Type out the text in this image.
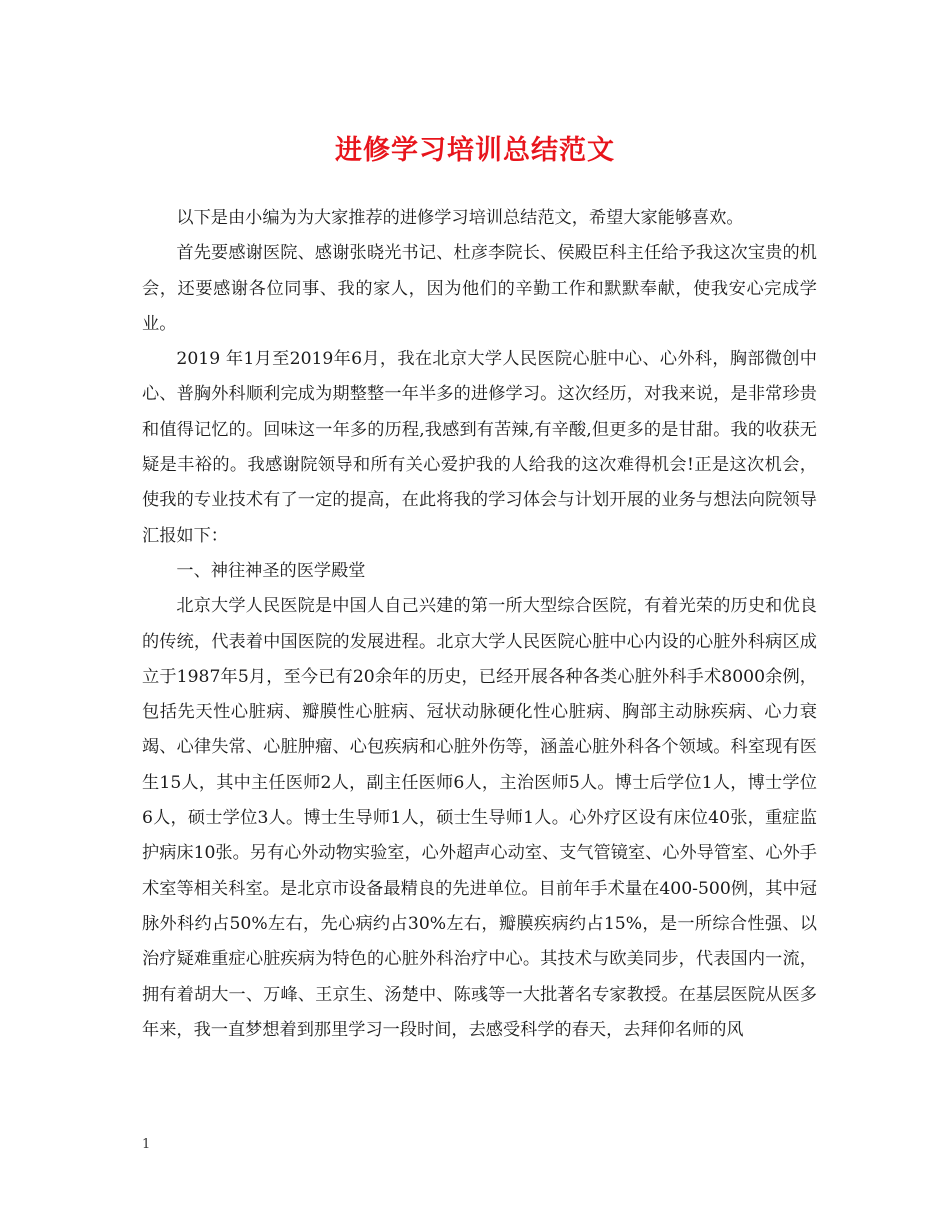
进修学习培训总结范文

以下是由小编为为大家推荐的进修学习培训总结范文，希望大家能够喜欢。

首先要感谢医院、感谢张晓光书记、杜彦李院长、侯殿臣科主任给予我这次宝贵的机会，还要感谢各位同事、我的家人，因为他们的辛勤工作和默默奉献，使我安心完成学业。

2019 年1月至2019年6月，我在北京大学人民医院心脏中心、心外科，胸部微创中心、普胸外科顺利完成为期整整一年半多的进修学习。这次经历，对我来说，是非常珍贵和值得记忆的。回味这一年多的历程,我感到有苦辣,有辛酸,但更多的是甘甜。我的收获无疑是丰裕的。我感谢院领导和所有关心爱护我的人给我的这次难得机会!正是这次机会，使我的专业技术有了一定的提高，在此将我的学习体会与计划开展的业务与想法向院领导汇报如下：

一、神往神圣的医学殿堂

北京大学人民医院是中国人自己兴建的第一所大型综合医院，有着光荣的历史和优良的传统，代表着中国医院的发展进程。北京大学人民医院心脏中心内设的心脏外科病区成立于1987年5月，至今已有20余年的历史，已经开展各种各类心脏外科手术8000余例，包括先天性心脏病、瓣膜性心脏病、冠状动脉硬化性心脏病、胸部主动脉疾病、心力衰竭、心律失常、心脏肿瘤、心包疾病和心脏外伤等，涵盖心脏外科各个领域。科室现有医生15人，其中主任医师2人，副主任医师6人，主治医师5人。博士后学位1人，博士学位6人，硕士学位3人。博士生导师1人，硕士生导师1人。心外疗区设有床位40张，重症监护病床10张。另有心外动物实验室，心外超声心动室、支气管镜室、心外导管室、心外手术室等相关科室。是北京市设备最精良的先进单位。目前年手术量在400-500例，其中冠脉外科约占50%左右，先心病约占30%左右，瓣膜疾病约占15%，是一所综合性强、以治疗疑难重症心脏疾病为特色的心脏外科治疗中心。其技术与欧美同步，代表国内一流，拥有着胡大一、万峰、王京生、汤楚中、陈彧等一大批著名专家教授。在基层医院从医多年来，我一直梦想着到那里学习一段时间，去感受科学的春天，去拜仰名师的风

1
